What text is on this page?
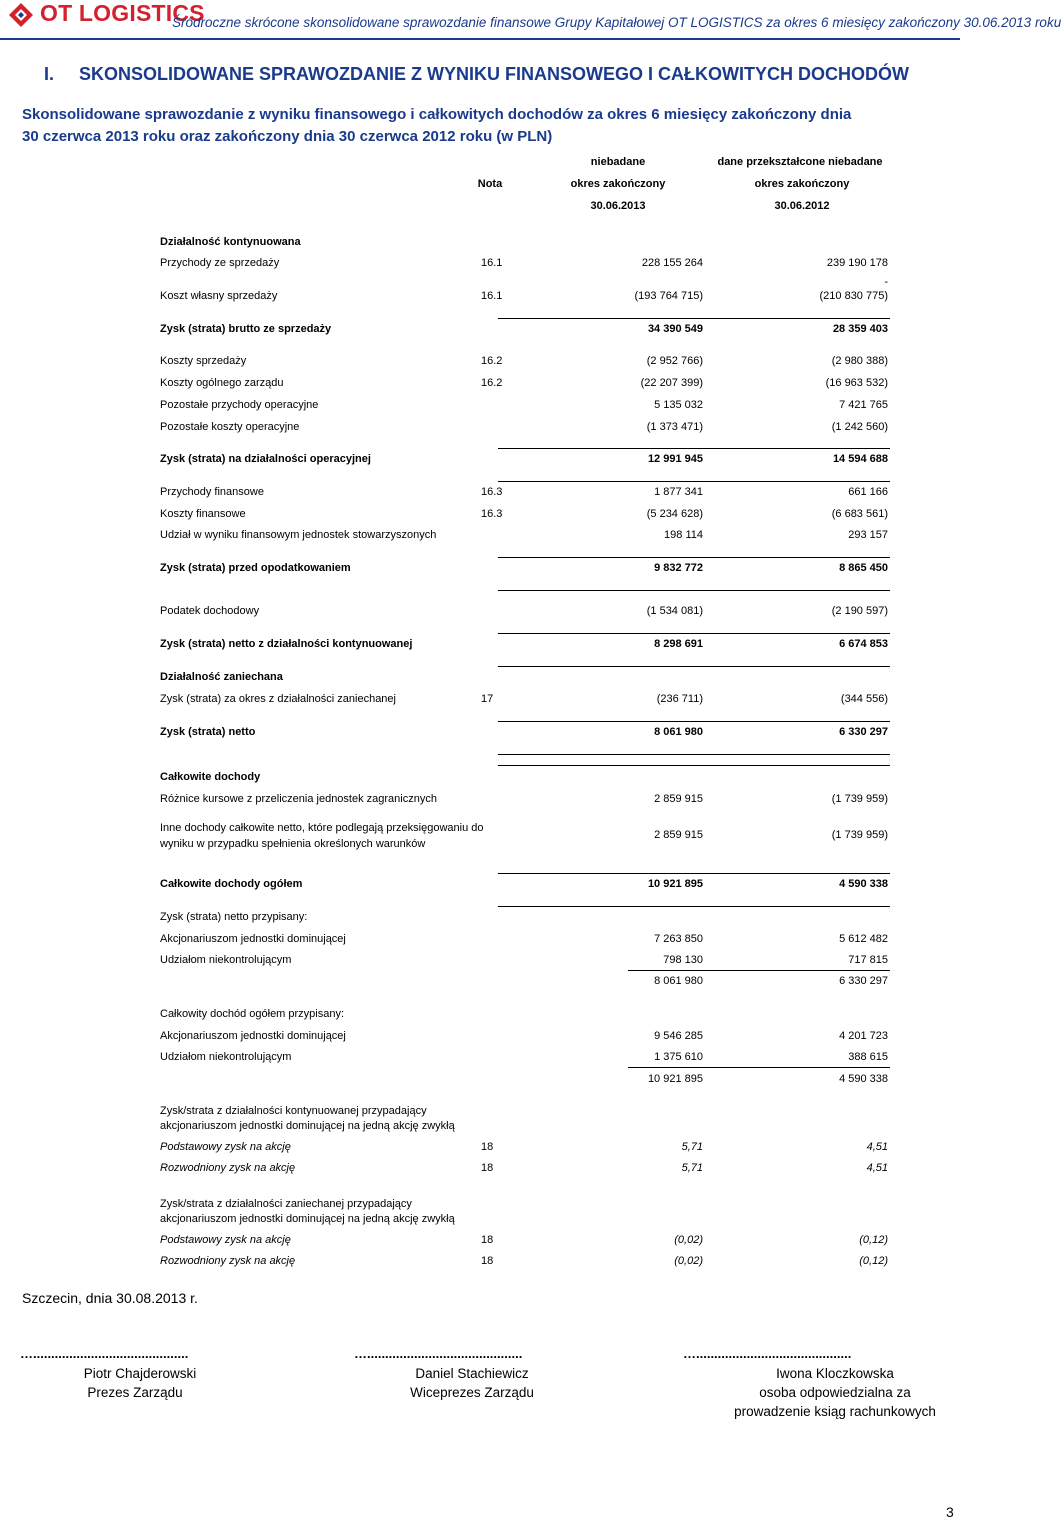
OT LOGISTICS
Śródroczne skrócone skonsolidowane sprawozdanie finansowe Grupy Kapitałowej OT LOGISTICS za okres 6 miesięcy zakończony 30.06.2013 roku
I. SKONSOLIDOWANE SPRAWOZDANIE Z WYNIKU FINANSOWEGO I CAŁKOWITYCH DOCHODÓW
Skonsolidowane sprawozdanie z wyniku finansowego i całkowitych dochodów za okres 6 miesięcy zakończony dnia
30 czerwca 2013 roku oraz zakończony dnia 30 czerwca 2012 roku (w PLN)
niebadane	dane przekształcone niebadane
Nota	okres zakończony	okres zakończony
30.06.2013	30.06.2012
Działalność kontynuowana
Przychody ze sprzedaży	16.1	228 155 264	239 190 178
-
Koszt własny sprzedaży	16.1	(193 764 715)	(210 830 775)
Zysk (strata) brutto ze sprzedaży	34 390 549	28 359 403
Koszty sprzedaży	16.2	(2 952 766)	(2 980 388)
Koszty ogólnego zarządu	16.2	(22 207 399)	(16 963 532)
Pozostałe przychody operacyjne	5 135 032	7 421 765
Pozostałe koszty operacyjne	(1 373 471)	(1 242 560)
Zysk (strata) na działalności operacyjnej	12 991 945	14 594 688
Przychody finansowe	16.3	1 877 341	661 166
Koszty finansowe	16.3	(5 234 628)	(6 683 561)
Udział w wyniku finansowym jednostek stowarzyszonych	198 114	293 157
Zysk (strata) przed opodatkowaniem	9 832 772	8 865 450
Podatek dochodowy	(1 534 081)	(2 190 597)
Zysk (strata) netto z działalności kontynuowanej	8 298 691	6 674 853
Działalność zaniechana
Zysk (strata) za okres z działalności zaniechanej	17	(236 711)	(344 556)
Zysk (strata) netto	8 061 980	6 330 297
Całkowite dochody
Różnice kursowe z przeliczenia jednostek zagranicznych	2 859 915	(1 739 959)
Inne dochody całkowite netto, które podlegają przeksięgowaniu do
wyniku w przypadku spełnienia określonych warunków
2 859 915	(1 739 959)
Całkowite dochody ogółem	10 921 895	4 590 338
Zysk (strata) netto przypisany:
Akcjonariuszom jednostki dominującej	7 263 850	5 612 482
Udziałom niekontrolującym	798 130	717 815
8 061 980	6 330 297
Całkowity dochód ogółem przypisany:
Akcjonariuszom jednostki dominującej	9 546 285	4 201 723
Udziałom niekontrolującym	1 375 610	388 615
10 921 895	4 590 338
Zysk/strata z działalności kontynuowanej przypadający
akcjonariuszom jednostki dominującej na jedną akcję zwykłą
Podstawowy zysk na akcję	18	5,71	4,51
Rozwodniony zysk na akcję	18	5,71	4,51
Zysk/strata z działalności zaniechanej przypadający
akcjonariuszom jednostki dominującej na jedną akcję zwykłą
Podstawowy zysk na akcję	18	(0,02)	(0,12)
Rozwodniony zysk na akcję	18	(0,02)	(0,12)
Szczecin, dnia 30.08.2013 r.
…...........................................	…...........................................	…...........................................
Piotr Chajderowski
Prezes Zarządu
Daniel Stachiewicz
Wiceprezes Zarządu
Iwona Kloczkowska
osoba odpowiedzialna za
prowadzenie ksiąg rachunkowych
3
